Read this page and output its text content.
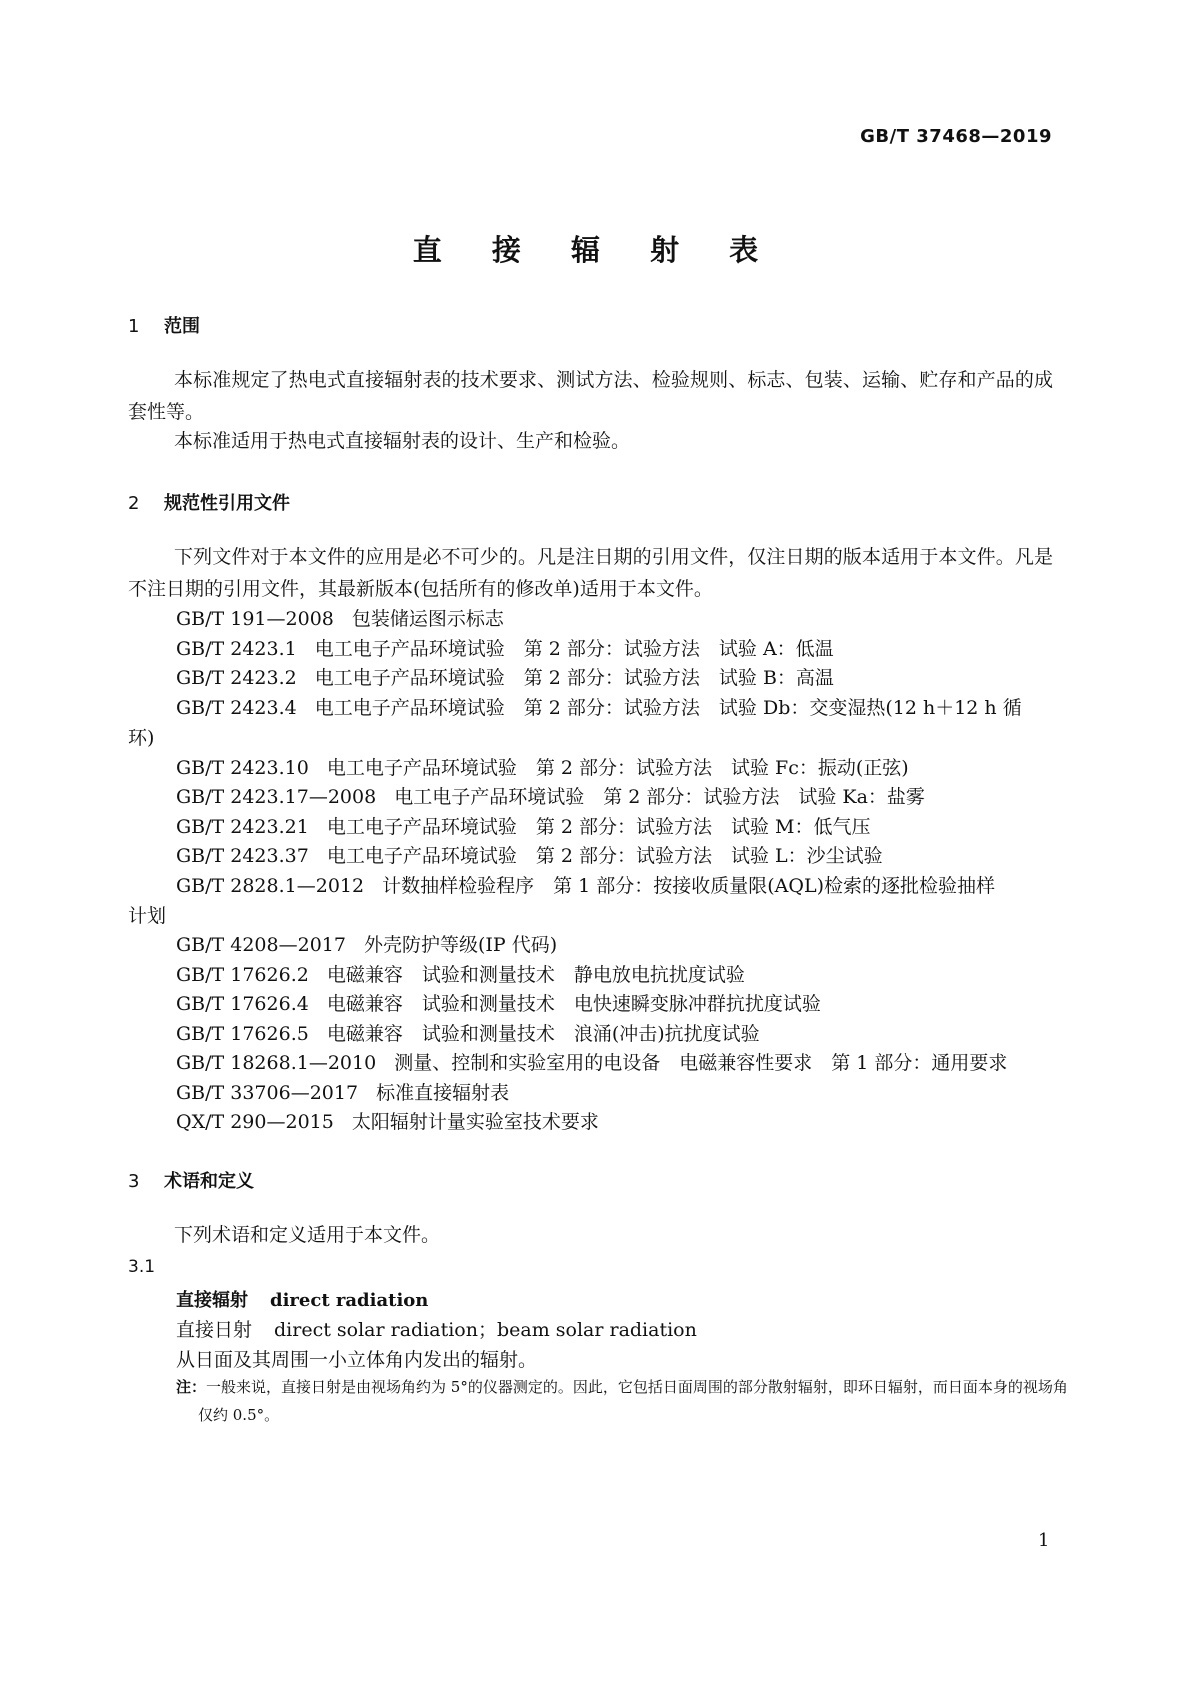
GB/T 37468—2019
直 接 辐 射 表
1 范围
本标准规定了热电式直接辐射表的技术要求、测试方法、检验规则、标志、包装、运输、贮存和产品的成套性等。
本标准适用于热电式直接辐射表的设计、生产和检验。
2 规范性引用文件
下列文件对于本文件的应用是必不可少的。凡是注日期的引用文件，仅注日期的版本适用于本文件。凡是不注日期的引用文件，其最新版本(包括所有的修改单)适用于本文件。
GB/T 191—2008 包装储运图示标志
GB/T 2423.1 电工电子产品环境试验　第 2 部分：试验方法　试验 A：低温
GB/T 2423.2 电工电子产品环境试验　第 2 部分：试验方法　试验 B：高温
GB/T 2423.4 电工电子产品环境试验　第 2 部分：试验方法　试验 Db：交变湿热(12 h＋12 h 循
环)
GB/T 2423.10 电工电子产品环境试验　第 2 部分：试验方法　试验 Fc：振动(正弦)
GB/T 2423.17—2008 电工电子产品环境试验　第 2 部分：试验方法　试验 Ka：盐雾
GB/T 2423.21 电工电子产品环境试验　第 2 部分：试验方法　试验 M：低气压
GB/T 2423.37 电工电子产品环境试验　第 2 部分：试验方法　试验 L：沙尘试验
GB/T 2828.1—2012 计数抽样检验程序　第 1 部分：按接收质量限(AQL)检索的逐批检验抽样
计划
GB/T 4208—2017 外壳防护等级(IP 代码)
GB/T 17626.2 电磁兼容　试验和测量技术　静电放电抗扰度试验
GB/T 17626.4 电磁兼容　试验和测量技术　电快速瞬变脉冲群抗扰度试验
GB/T 17626.5 电磁兼容　试验和测量技术　浪涌(冲击)抗扰度试验
GB/T 18268.1—2010 测量、控制和实验室用的电设备　电磁兼容性要求　第 1 部分：通用要求
GB/T 33706—2017 标准直接辐射表
QX/T 290—2015 太阳辐射计量实验室技术要求
3 术语和定义
下列术语和定义适用于本文件。
3.1
直接辐射 direct radiation
直接日射 direct solar radiation；beam solar radiation
从日面及其周围一小立体角内发出的辐射。
注：一般来说，直接日射是由视场角约为 5°的仪器测定的。因此，它包括日面周围的部分散射辐射，即环日辐射，而日面本身的视场角仅约 0.5°。
1
